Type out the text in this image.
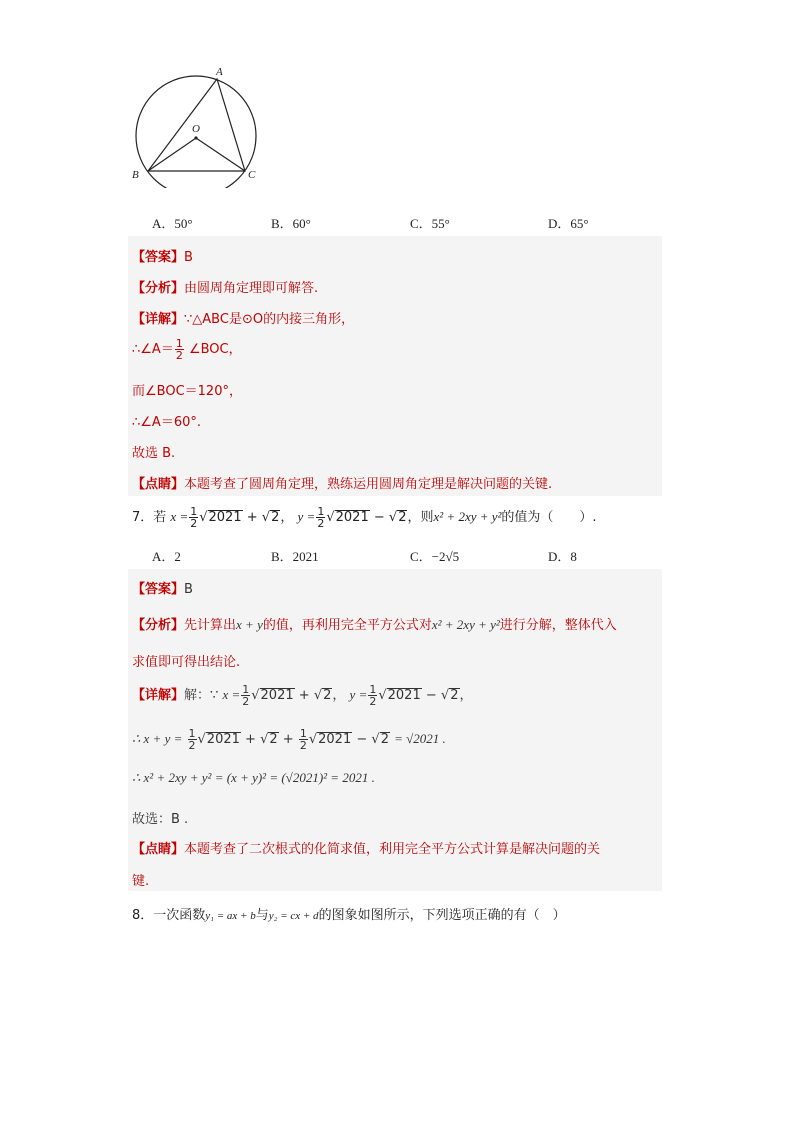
A
O
B	C
A．50°	B．60°	C．55°	D．65°
【答案】B
【分析】由圆周角定理即可解答.
【详解】∵△ABC是⊙O的内接三角形，
∴∠A＝ $\frac{1}{2}$ ∠BOC，
而∠BOC＝120°，
∴∠A＝60°.
故选 B.
【点睛】本题考查了圆周角定理，熟练运用圆周角定理是解决问题的关键.
7．若 $x = \frac{1}{2} √2021 + √2$， $y = \frac{1}{2} √2021 - √2$，则x² + 2xy + y²的值为（　　）.
A．2	B．2021	C．−2√5	D．8
【答案】B
【分析】先计算出x + y的值，再利用完全平方公式对x² + 2xy + y²进行分解，整体代入
求值即可得出结论.
【详解】解：∵ $x = \frac{1}{2} √2021 + √2$， $y = \frac{1}{2} √2021 - √2$，
∴ $x + y = \frac{1}{2} √2021 + √2 + \frac{1}{2} √2021 - √2 = √2021$ .
∴ x² + 2xy + y² = (x + y)² = (√2021)² = 2021 .
故选：B .
【点睛】本题考查了二次根式的化简求值，利用完全平方公式计算是解决问题的关
键.
8．一次函数y₁ = ax + b与y₂ = cx + d的图象如图所示，下列选项正确的有（　）
